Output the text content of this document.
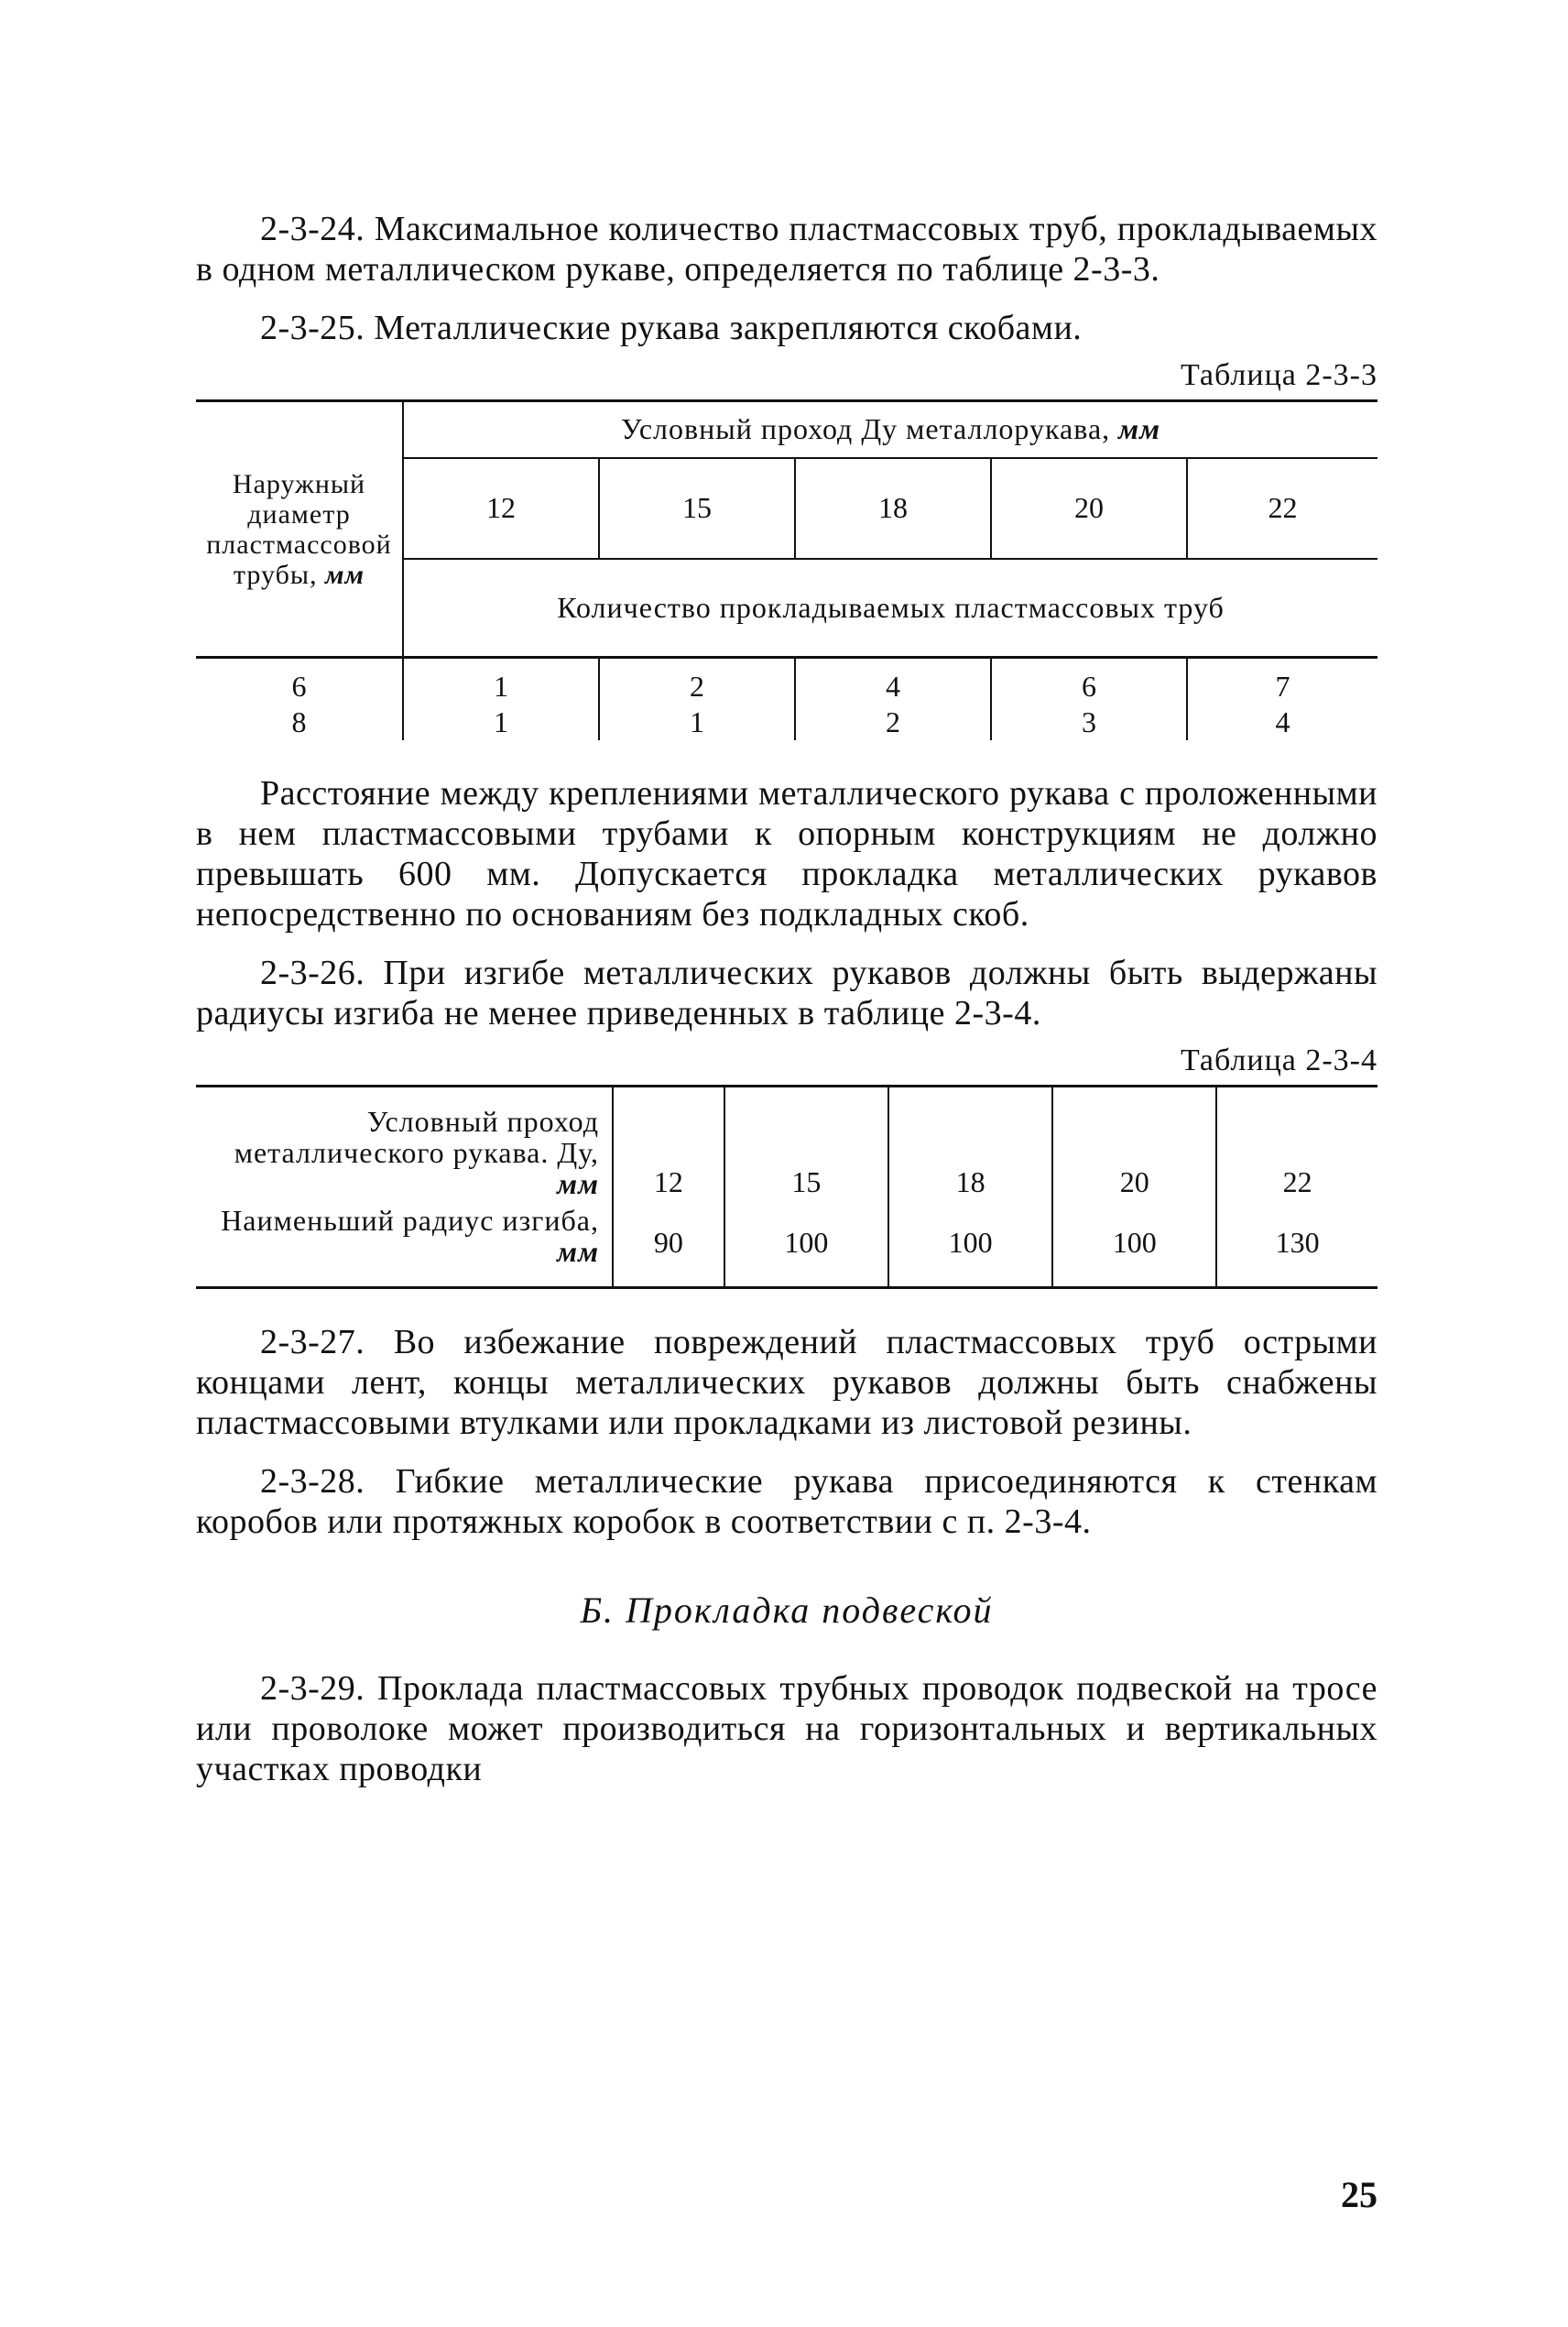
2-3-24. Максимальное количество пластмассовых труб, прокладываемых в одном металлическом рукаве, определяется по таблице 2-3-3.

2-3-25. Металлические рукава закрепляются скобами.

Таблица 2-3-3
Наружный диаметр пластмассовой трубы, мм	Условный проход Ду металлорукава, мм				
	12	15	18	20	22
	Количество прокладываемых пластмассовых труб				
6	1	2	4	6	7
8	1	1	2	3	4

Расстояние между креплениями металлического рукава с проложенными в нем пластмассовыми трубами к опорным конструкциям не должно превышать 600 мм. Допускается прокладка металлических рукавов непосредственно по основаниям без подкладных скоб.

2-3-26. При изгибе металлических рукавов должны быть выдержаны радиусы изгиба не менее приведенных в таблице 2-3-4.

Таблица 2-3-4
Условный проход металлического рукава. Ду, мм	12	15	18	20	22
Наименьший радиус изгиба, мм	90	100	100	100	130

2-3-27. Во избежание повреждений пластмассовых труб острыми концами лент, концы металлических рукавов должны быть снабжены пластмассовыми втулками или прокладками из листовой резины.

2-3-28. Гибкие металлические рукава присоединяются к стенкам коробов или протяжных коробок в соответствии с п. 2-3-4.

Б. Прокладка подвеской

2-3-29. Проклада пластмассовых трубных проводок подвеской на тросе или проволоке может производиться на горизонтальных и вертикальных участках проводки

25
